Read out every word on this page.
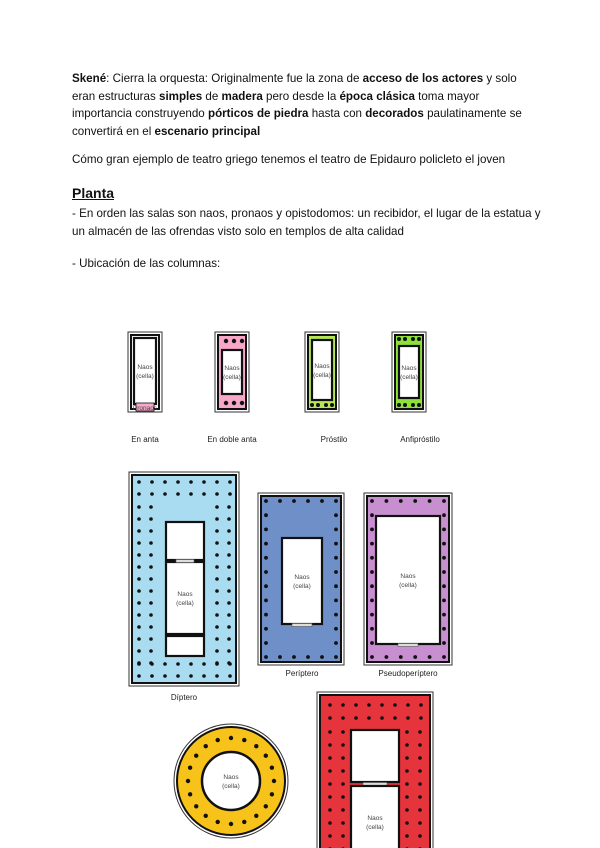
Skené: Cierra la orquesta: Originalmente fue la zona de acceso de los actores y solo eran estructuras simples de madera pero desde la época clásica toma mayor importancia construyendo pórticos de piedra hasta con decorados paulatinamente se convertirá en el escenario principal
Cómo gran ejemplo de teatro griego tenemos el teatro de Epidauro policleto el joven
Planta
- En orden las salas son naos, pronaos y opistodomos: un recibidor, el lugar de la estatua y un almacén de las ofrendas visto solo en templos de alta calidad
- Ubicación de las columnas:
Naos
(cella)
Pronaos
En anta
Naos
(cella)
En doble anta
Naos
(cella)
Próstilo
Naos
(cella)
Anfipróstilo
Naos
(cella)
Díptero
Naos
(cella)
Períptero
Naos
(cella)
Pseudoperíptero
Naos
(cella)
Naos
(cella)
